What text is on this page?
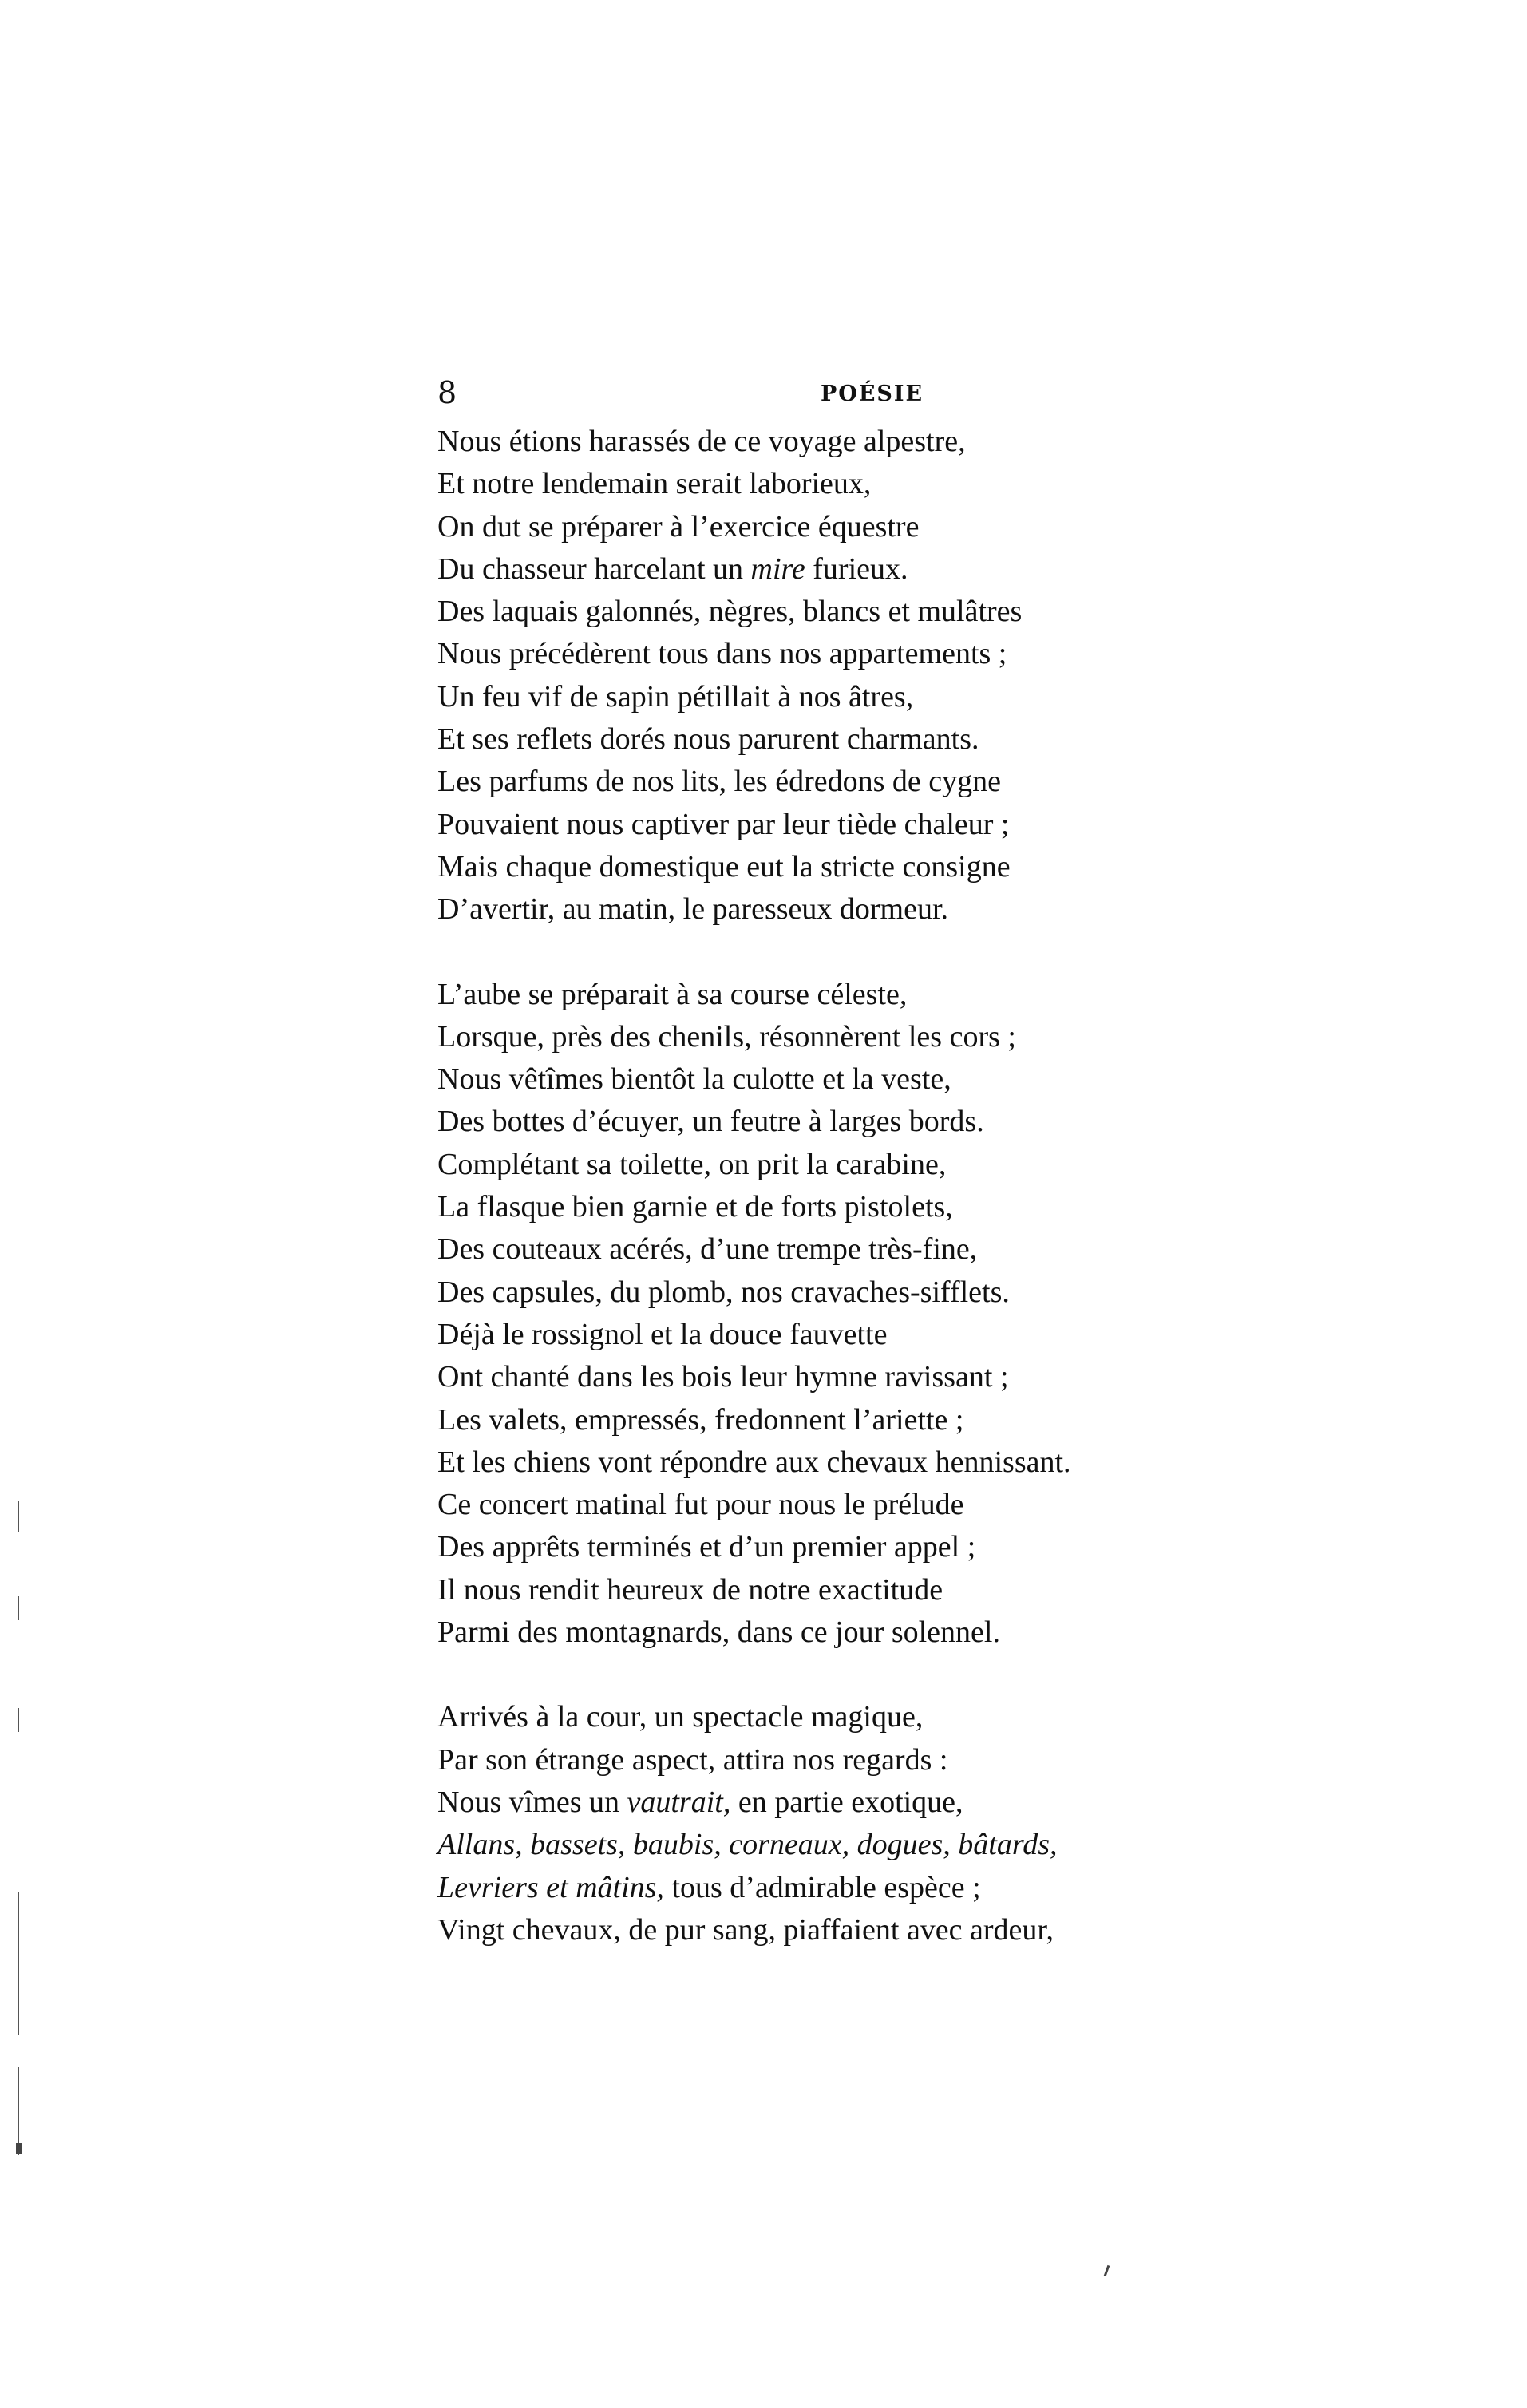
8	POÉSIE
Nous étions harassés de ce voyage alpestre,
Et notre lendemain serait laborieux,
On dut se préparer à l’exercice équestre
Du chasseur harcelant un mire furieux.
Des laquais galonnés, nègres, blancs et mulâtres
Nous précédèrent tous dans nos appartements ;
Un feu vif de sapin pétillait à nos âtres,
Et ses reflets dorés nous parurent charmants.
Les parfums de nos lits, les édredons de cygne
Pouvaient nous captiver par leur tiède chaleur ;
Mais chaque domestique eut la stricte consigne
D’avertir, au matin, le paresseux dormeur.
L’aube se préparait à sa course céleste,
Lorsque, près des chenils, résonnèrent les cors ;
Nous vêtîmes bientôt la culotte et la veste,
Des bottes d’écuyer, un feutre à larges bords.
Complétant sa toilette, on prit la carabine,
La flasque bien garnie et de forts pistolets,
Des couteaux acérés, d’une trempe très-fine,
Des capsules, du plomb, nos cravaches-sifflets.
Déjà le rossignol et la douce fauvette
Ont chanté dans les bois leur hymne ravissant ;
Les valets, empressés, fredonnent l’ariette ;
Et les chiens vont répondre aux chevaux hennissant.
Ce concert matinal fut pour nous le prélude
Des apprêts terminés et d’un premier appel ;
Il nous rendit heureux de notre exactitude
Parmi des montagnards, dans ce jour solennel.
Arrivés à la cour, un spectacle magique,
Par son étrange aspect, attira nos regards :
Nous vîmes un vautrait, en partie exotique,
Allans, bassets, baubis, corneaux, dogues, bâtards,
Levriers et mâtins, tous d’admirable espèce ;
Vingt chevaux, de pur sang, piaffaient avec ardeur,
